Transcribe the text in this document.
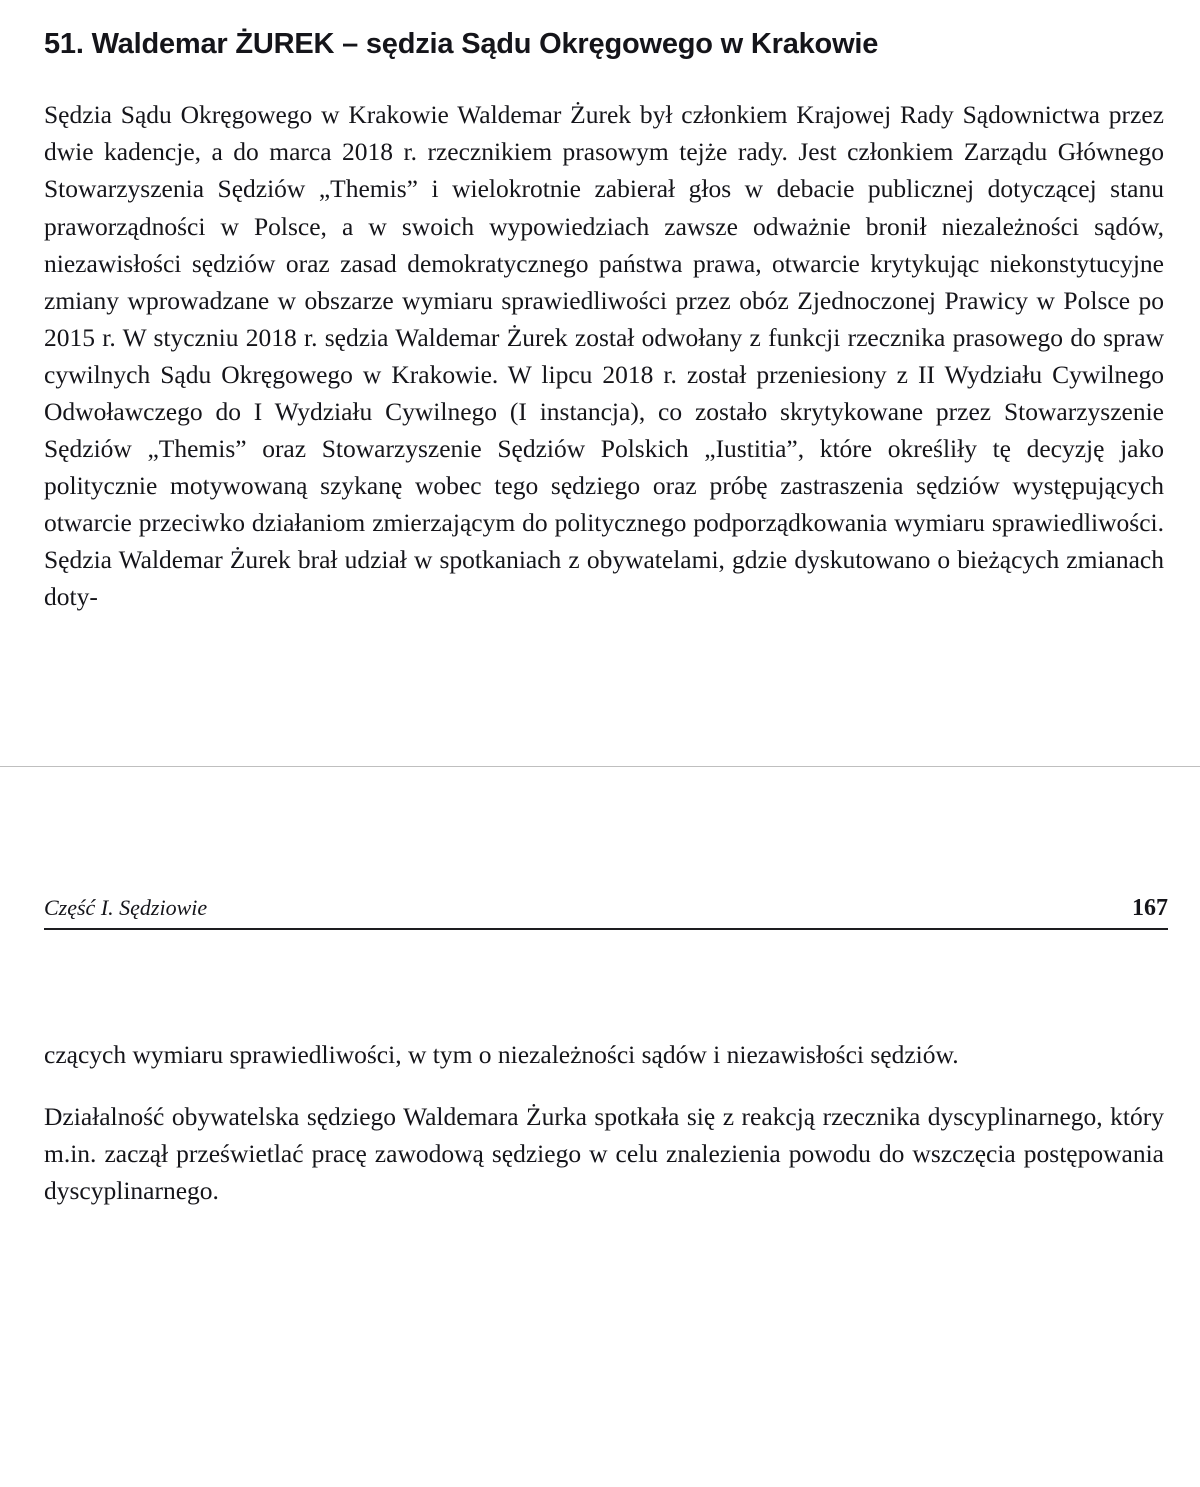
51. Waldemar ŻUREK – sędzia Sądu Okręgowego w Krakowie

Sędzia Sądu Okręgowego w Krakowie Waldemar Żurek był członkiem Krajowej Rady Sądownictwa przez dwie kadencje, a do marca 2018 r. rzecznikiem prasowym tejże rady. Jest członkiem Zarządu Głównego Stowarzyszenia Sędziów „Themis” i wielokrotnie zabierał głos w debacie publicznej dotyczącej stanu praworządności w Polsce, a w swoich wypowiedziach zawsze odważnie bronił niezależności sądów, niezawisłości sędziów oraz zasad demokratycznego państwa prawa, otwarcie krytykując niekonstytucyjne zmiany wprowadzane w obszarze wymiaru sprawiedliwości przez obóz Zjednoczonej Prawicy w Polsce po 2015 r. W styczniu 2018 r. sędzia Waldemar Żurek został odwołany z funkcji rzecznika prasowego do spraw cywilnych Sądu Okręgowego w Krakowie. W lipcu 2018 r. został przeniesiony z II Wydziału Cywilnego Odwoławczego do I Wydziału Cywilnego (I instancja), co zostało skrytykowane przez Stowarzyszenie Sędziów „Themis” oraz Stowarzyszenie Sędziów Polskich „Iustitia”, które określiły tę decyzję jako politycznie motywowaną szykanę wobec tego sędziego oraz próbę zastraszenia sędziów występujących otwarcie przeciwko działaniom zmierzającym do politycznego podporządkowania wymiaru sprawiedliwości. Sędzia Waldemar Żurek brał udział w spotkaniach z obywatelami, gdzie dyskutowano o bieżących zmianach doty-

Część I. Sędziowie	167

czących wymiaru sprawiedliwości, w tym o niezależności sądów i niezawisłości sędziów.

Działalność obywatelska sędziego Waldemara Żurka spotkała się z reakcją rzecznika dyscyplinarnego, który m.in. zaczął prześwietlać pracę zawodową sędziego w celu znalezienia powodu do wszczęcia postępowania dyscyplinarnego.
